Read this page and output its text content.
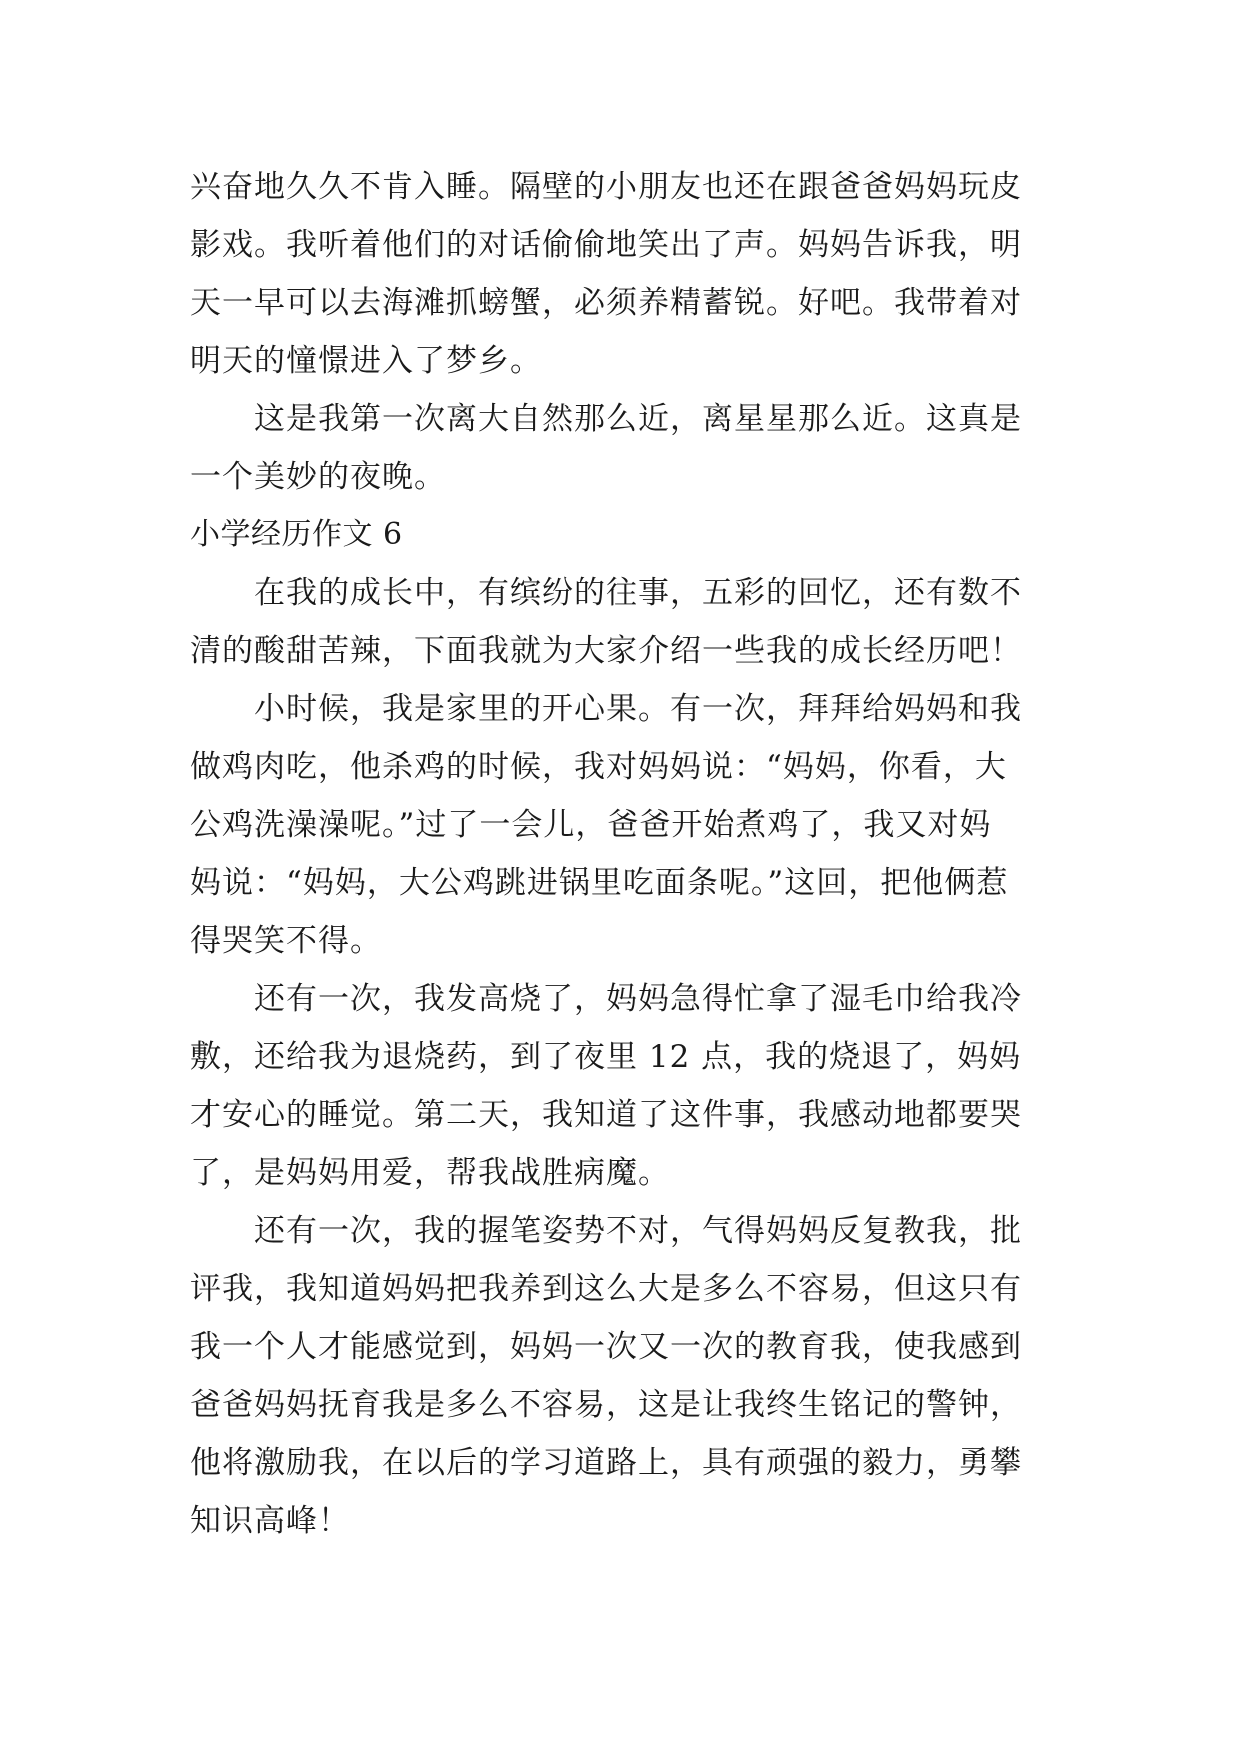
兴奋地久久不肯入睡。隔壁的小朋友也还在跟爸爸妈妈玩皮
影戏。我听着他们的对话偷偷地笑出了声。妈妈告诉我，明
天一早可以去海滩抓螃蟹，必须养精蓄锐。好吧。我带着对
明天的憧憬进入了梦乡。
这是我第一次离大自然那么近，离星星那么近。这真是
一个美妙的夜晚。
小学经历作文 6
在我的成长中，有缤纷的往事，五彩的回忆，还有数不
清的酸甜苦辣，下面我就为大家介绍一些我的成长经历吧！
小时候，我是家里的开心果。有一次，拜拜给妈妈和我
做鸡肉吃，他杀鸡的时候，我对妈妈说：“妈妈，你看，大
公鸡洗澡澡呢。”过了一会儿，爸爸开始煮鸡了，我又对妈
妈说：“妈妈，大公鸡跳进锅里吃面条呢。”这回，把他俩惹
得哭笑不得。
还有一次，我发高烧了，妈妈急得忙拿了湿毛巾给我冷
敷，还给我为退烧药，到了夜里 12 点，我的烧退了，妈妈
才安心的睡觉。第二天，我知道了这件事，我感动地都要哭
了，是妈妈用爱，帮我战胜病魔。
还有一次，我的握笔姿势不对，气得妈妈反复教我，批
评我，我知道妈妈把我养到这么大是多么不容易，但这只有
我一个人才能感觉到，妈妈一次又一次的教育我，使我感到
爸爸妈妈抚育我是多么不容易，这是让我终生铭记的警钟，
他将激励我，在以后的学习道路上，具有顽强的毅力，勇攀
知识高峰！
